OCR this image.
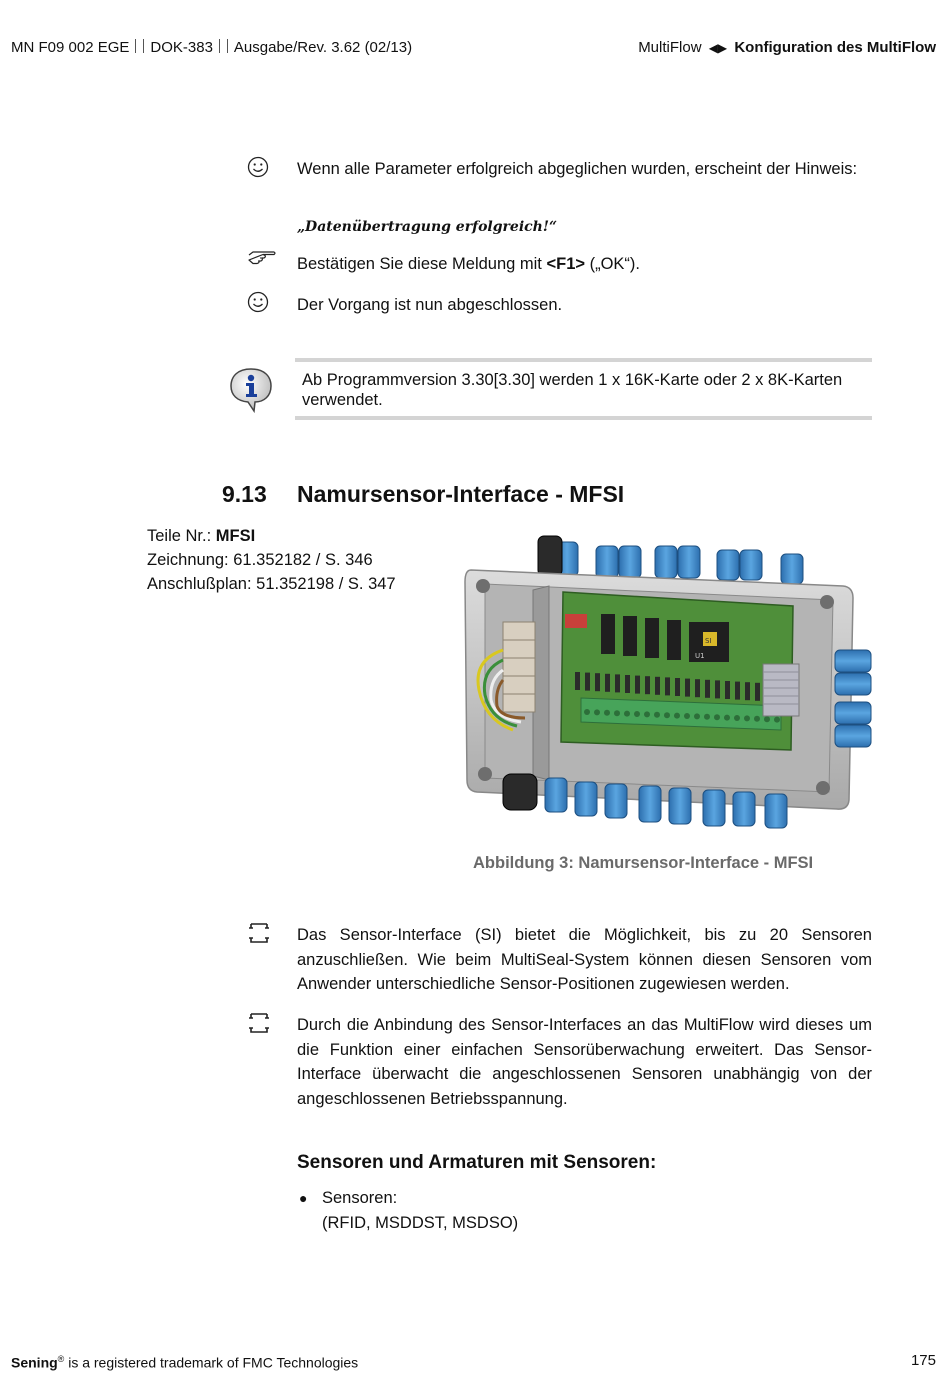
MN F09 002 EGE DOK-383 Ausgabe/Rev. 3.62 (02/13)	MultiFlow ◀▶ Konfiguration des MultiFlow
Wenn alle Parameter erfolgreich abgeglichen wurden, erscheint der Hinweis:
„Datenübertragung erfolgreich!“
Bestätigen Sie diese Meldung mit <F1> („OK“).
Der Vorgang ist nun abgeschlossen.
Ab Programmversion 3.30[3.30] werden 1 x 16K-Karte oder 2 x 8K-Karten verwendet.
9.13 Namursensor-Interface - MFSI
Teile Nr.: MFSI
Zeichnung: 61.352182 / S. 346
Anschlußplan: 51.352198 / S. 347
SI
U1
Abbildung 3: Namursensor-Interface - MFSI
Das Sensor-Interface (SI) bietet die Möglichkeit, bis zu 20 Sensoren anzuschließen. Wie beim MultiSeal-System können diesen Sensoren vom Anwender unterschiedliche Sensor-Positionen zugewiesen werden.
Durch die Anbindung des Sensor-Interfaces an das MultiFlow wird dieses um die Funktion einer einfachen Sensorüberwachung erweitert. Das Sensor-Interface überwacht die angeschlossenen Sensoren unabhängig von der angeschlossenen Betriebsspannung.
Sensoren und Armaturen mit Sensoren:
● Sensoren:
(RFID, MSDDST, MSDSO)
Sening® is a registered trademark of FMC Technologies	175
